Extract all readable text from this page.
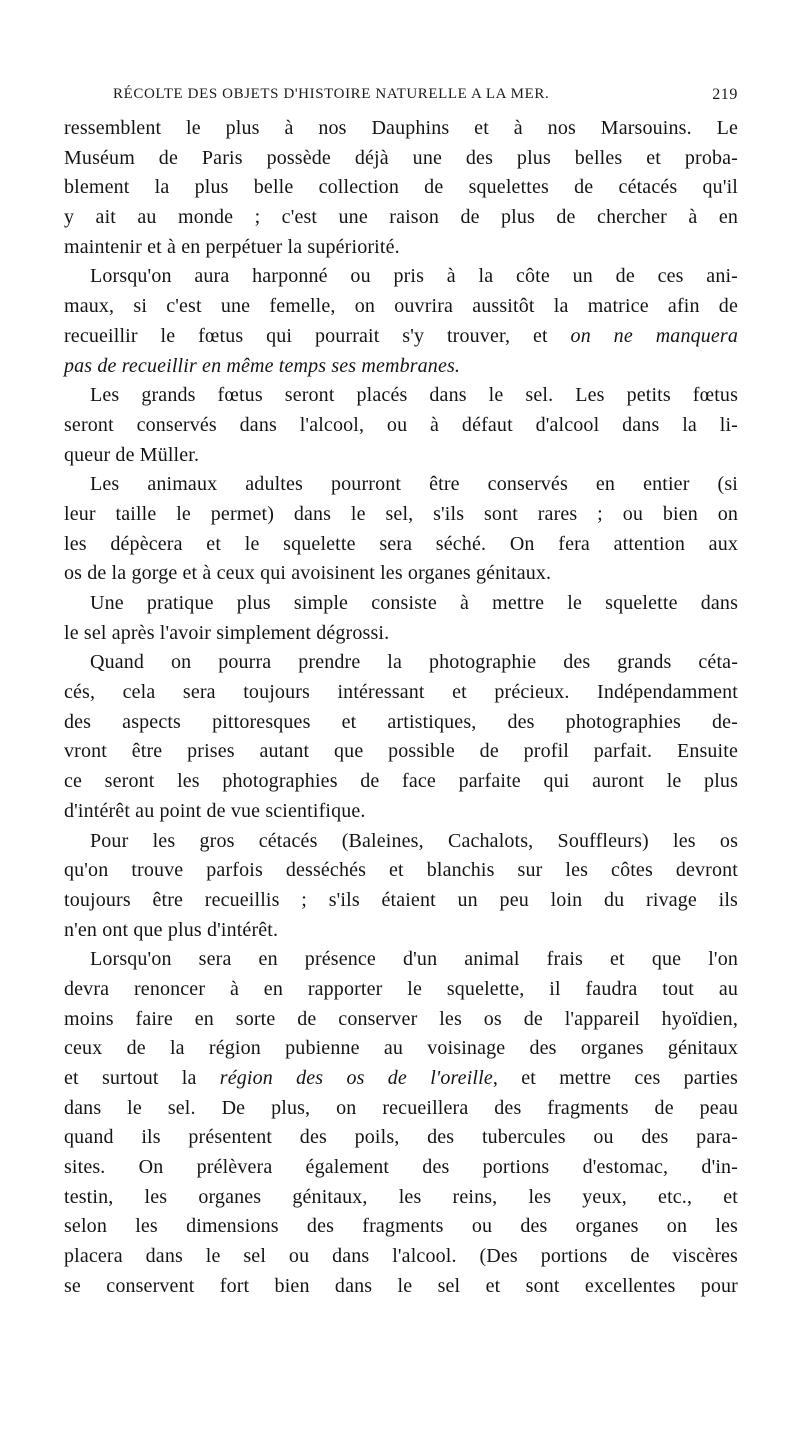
RÉCOLTE DES OBJETS D'HISTOIRE NATURELLE A LA MER.	219
ressemblent le plus à nos Dauphins et à nos Marsouins. Le
Muséum de Paris possède déjà une des plus belles et proba-
blement la plus belle collection de squelettes de cétacés qu'il
y ait au monde ; c'est une raison de plus de chercher à en
maintenir et à en perpétuer la supériorité.
Lorsqu'on aura harponné ou pris à la côte un de ces ani-
maux, si c'est une femelle, on ouvrira aussitôt la matrice afin de
recueillir le fœtus qui pourrait s'y trouver, et on ne manquera
pas de recueillir en même temps ses membranes.
Les grands fœtus seront placés dans le sel. Les petits fœtus
seront conservés dans l'alcool, ou à défaut d'alcool dans la li-
queur de Müller.
Les animaux adultes pourront être conservés en entier (si
leur taille le permet) dans le sel, s'ils sont rares ; ou bien on
les dépècera et le squelette sera séché. On fera attention aux
os de la gorge et à ceux qui avoisinent les organes génitaux.
Une pratique plus simple consiste à mettre le squelette dans
le sel après l'avoir simplement dégrossi.
Quand on pourra prendre la photographie des grands céta-
cés, cela sera toujours intéressant et précieux. Indépendamment
des aspects pittoresques et artistiques, des photographies de-
vront être prises autant que possible de profil parfait. Ensuite
ce seront les photographies de face parfaite qui auront le plus
d'intérêt au point de vue scientifique.
Pour les gros cétacés (Baleines, Cachalots, Souffleurs) les os
qu'on trouve parfois desséchés et blanchis sur les côtes devront
toujours être recueillis ; s'ils étaient un peu loin du rivage ils
n'en ont que plus d'intérêt.
Lorsqu'on sera en présence d'un animal frais et que l'on
devra renoncer à en rapporter le squelette, il faudra tout au
moins faire en sorte de conserver les os de l'appareil hyoïdien,
ceux de la région pubienne au voisinage des organes génitaux
et surtout la région des os de l'oreille, et mettre ces parties
dans le sel. De plus, on recueillera des fragments de peau
quand ils présentent des poils, des tubercules ou des para-
sites. On prélèvera également des portions d'estomac, d'in-
testin, les organes génitaux, les reins, les yeux, etc., et
selon les dimensions des fragments ou des organes on les
placera dans le sel ou dans l'alcool. (Des portions de viscères
se conservent fort bien dans le sel et sont excellentes pour
